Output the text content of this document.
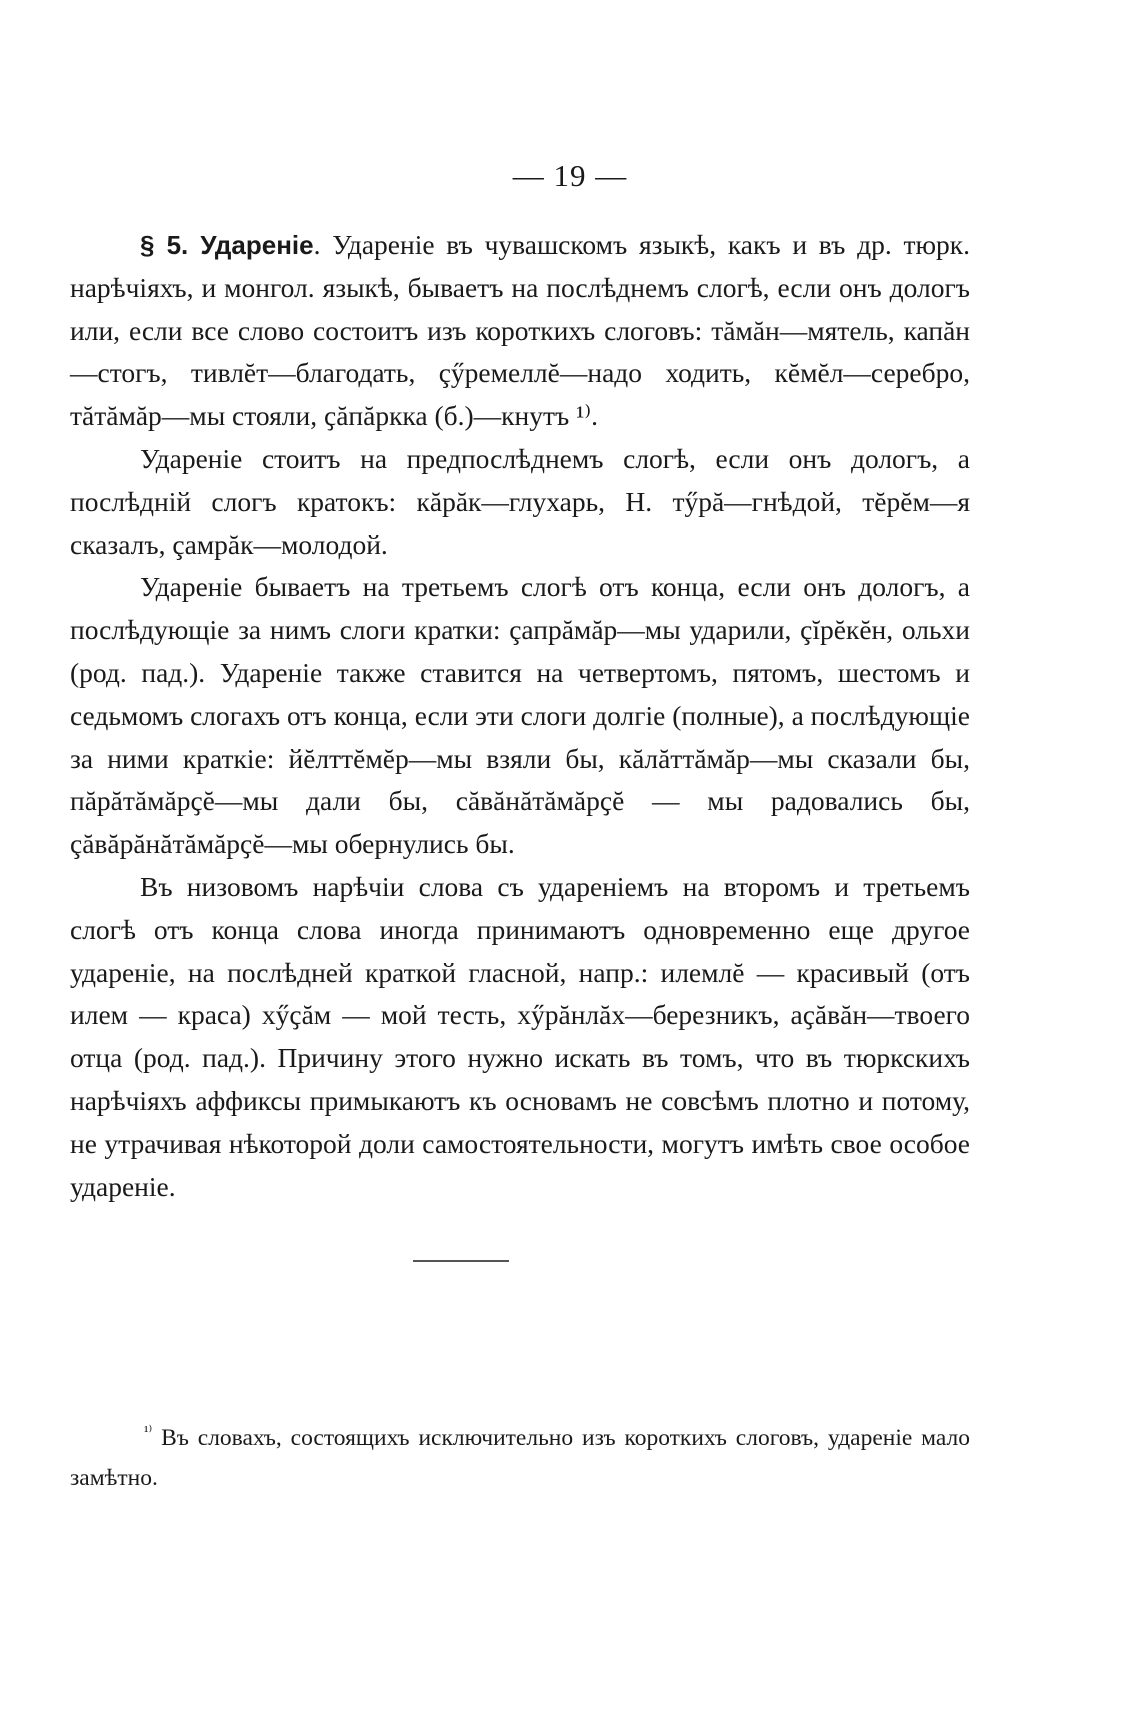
— 19 —

§ 5. Удареніе. Удареніе въ чувашскомъ языкѣ, какъ и въ др. тюрк. нарѣчіяхъ, и монгол. языкѣ, бываетъ на послѣднемъ слогѣ, если онъ дологъ или, если все слово состоитъ изъ короткихъ слоговъ: тăмăн—мятель, капăн—стогъ, тивлĕт—благодать, çӳремеллĕ—надо ходить, кĕмĕл—серебро, тăтăмăр—мы стояли, ҫăпăркка (б.)—кнутъ ¹⁾.

Удареніе стоитъ на предпослѣднемъ слогѣ, если онъ дологъ, а послѣдній слогъ кратокъ: кăрăк—глухарь, Н. тӳрă—гнѣдой, тĕрĕм—я сказалъ, çамрăк—молодой.

Удареніе бываетъ на третьемъ слогѣ отъ конца, если онъ дологъ, а послѣдующіе за нимъ слоги кратки: çапрăмăр—мы ударили, çĭрĕкĕн, ольхи (род. пад.). Удареніе также ставится на четвертомъ, пятомъ, шестомъ и седьмомъ слогахъ отъ конца, если эти слоги долгіе (полные), а послѣдующіе за ними краткіе: йĕлттĕмĕр—мы взяли бы, кăлăттăмăр—мы сказали бы, пăрăтăмăрҫĕ—мы дали бы, сăвăнăтăмăрҫĕ — мы радовались бы, çăвăрăнăтăмăрҫĕ—мы обернулись бы.

Въ низовомъ нарѣчіи слова съ удареніемъ на второмъ и третьемъ слогѣ отъ конца слова иногда принимаютъ одновременно еще другое удареніе, на послѣдней краткой гласной, напр.: илемлĕ — красивый (отъ илем — краса) хӳҫăм — мой тесть, хӳрăнлăх—березникъ, аҫăвăн—твоего отца (род. пад.). Причину этого нужно искать въ томъ, что въ тюркскихъ нарѣчіяхъ аффиксы примыкаютъ къ основамъ не совсѣмъ плотно и потому, не утрачивая нѣкоторой доли самостоятельности, могутъ имѣть свое особое удареніе.

$^{^{1)}}$ Въ словахъ, состоящихъ исключительно изъ короткихъ слоговъ, удареніе мало замѣтно.
